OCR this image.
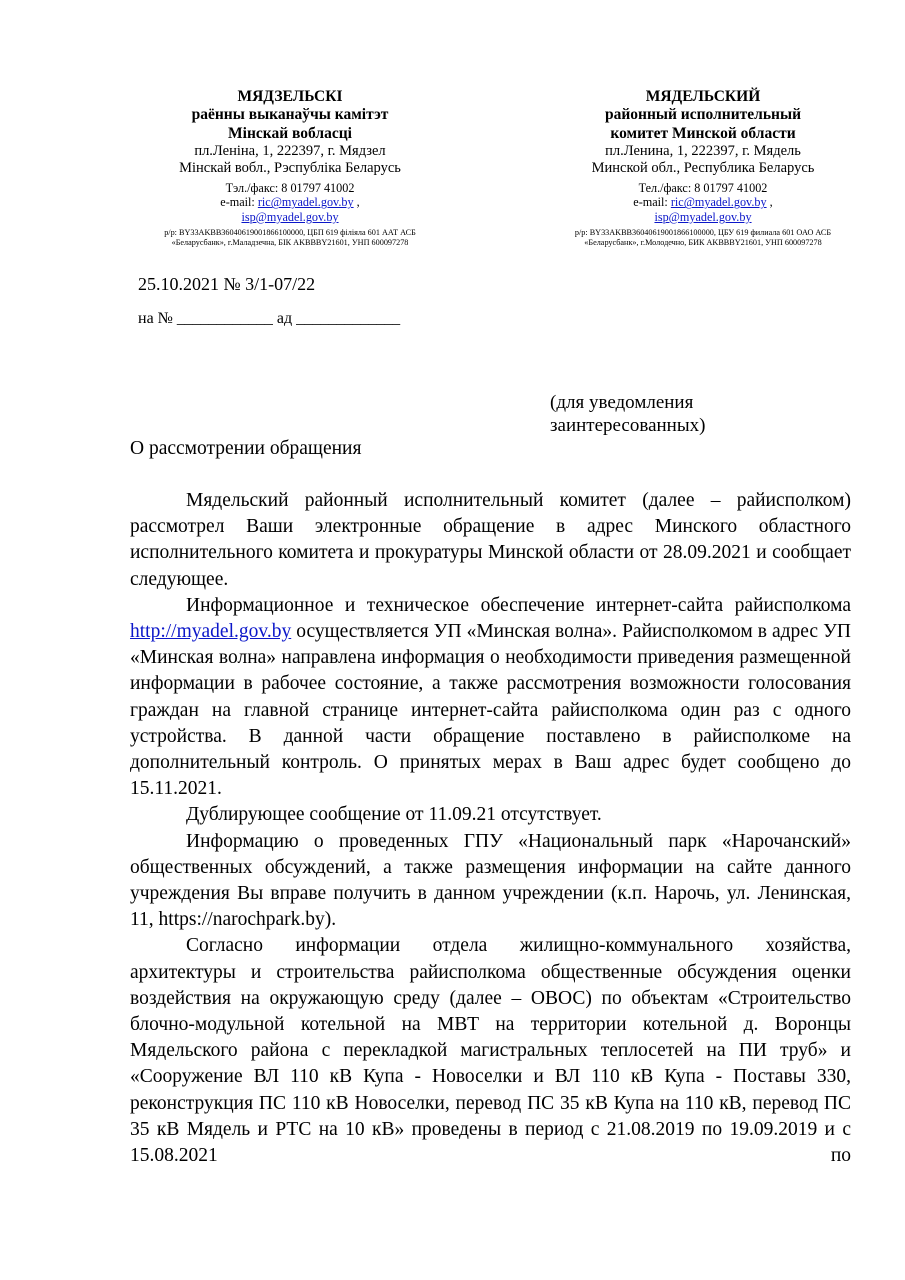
МЯДЗЕЛЬСКІ
раённы выканаўчы камітэт
Мінскай вобласці
пл.Леніна, 1, 222397, г. Мядзел
Мінскай вобл., Рэспубліка Беларусь
Тэл./факс: 8 01797 41002
e-mail: ric@myadel.gov.by ,
isp@myadel.gov.by
р/р: BY33AKBB36040619001866100000, ЦБП 619 філіяла 601 ААТ АСБ «Беларусбанк», г.Маладзечна, БІК AKBBBY21601, УНП 600097278
МЯДЕЛЬСКИЙ
районный исполнительный
комитет Минской области
пл.Ленина, 1, 222397, г. Мядель
Минской обл., Республика Беларусь
Тел./факс: 8 01797 41002
e-mail: ric@myadel.gov.by ,
isp@myadel.gov.by
р/р: BY33AKBB36040619001866100000, ЦБУ 619 филиала 601 ОАО АСБ «Беларусбанк», г.Молодечно, БИК AKBBBY21601, УНП 600097278
25.10.2021 № 3/1-07/22
на № ____________ ад _____________
(для уведомления
заинтересованных)
О рассмотрении обращения

Мядельский районный исполнительный комитет (далее – райисполком) рассмотрел Ваши электронные обращение в адрес Минского областного исполнительного комитета и прокуратуры Минской области от 28.09.2021 и сообщает следующее.

Информационное и техническое обеспечение интернет-сайта райисполкома http://myadel.gov.by осуществляется УП «Минская волна». Райисполкомом в адрес УП «Минская волна» направлена информация о необходимости приведения размещенной информации в рабочее состояние, а также рассмотрения возможности голосования граждан на главной странице интернет-сайта райисполкома один раз с одного устройства. В данной части обращение поставлено в райисполкоме на дополнительный контроль. О принятых мерах в Ваш адрес будет сообщено до 15.11.2021.

Дублирующее сообщение от 11.09.21 отсутствует.

Информацию о проведенных ГПУ «Национальный парк «Нарочанский» общественных обсуждений, а также размещения информации на сайте данного учреждения Вы вправе получить в данном учреждении (к.п. Нарочь, ул. Ленинская, 11, https://narochpark.by).

Согласно информации отдела жилищно-коммунального хозяйства, архитектуры и строительства райисполкома общественные обсуждения оценки воздействия на окружающую среду (далее – ОВОС) по объектам «Строительство блочно-модульной котельной на МВТ на территории котельной д. Воронцы Мядельского района с перекладкой магистральных теплосетей на ПИ труб» и «Сооружение ВЛ 110 кВ Купа - Новоселки и ВЛ 110 кВ Купа - Поставы 330, реконструкция ПС 110 кВ Новоселки, перевод ПС 35 кВ Купа на 110 кВ, перевод ПС 35 кВ Мядель и РТС на 10 кВ» проведены в период с 21.08.2019 по 19.09.2019 и с 15.08.2021 по
